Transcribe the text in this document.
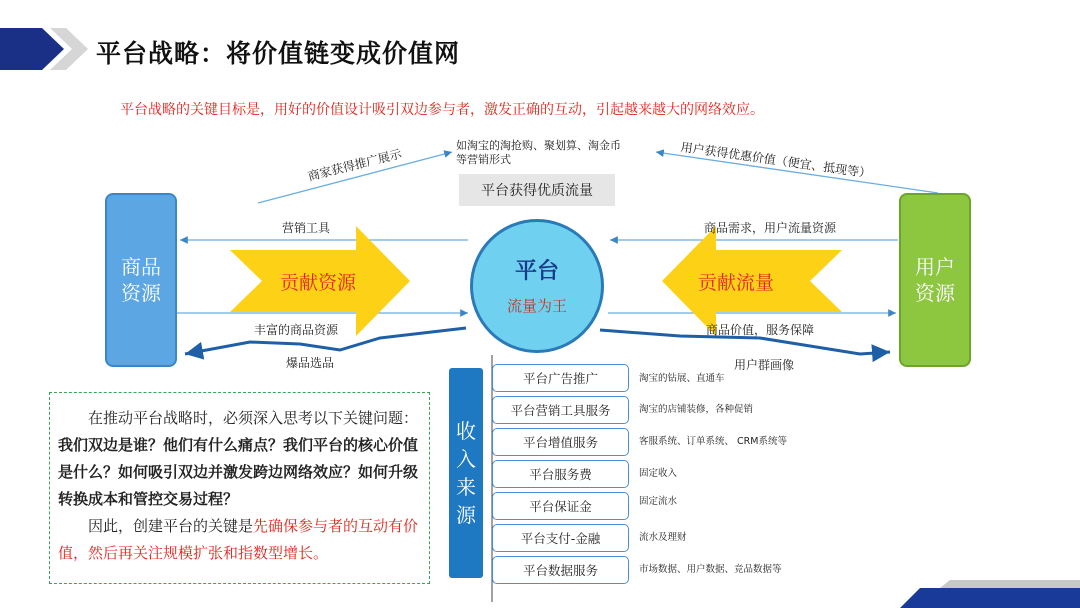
平台战略：将价值链变成价值网
平台战略的关键目标是，用好的价值设计吸引双边参与者，激发正确的互动，引起越来越大的网络效应。
贡献资源	贡献流量
商品
资源
用户
资源
平台
流量为王
平台获得优质流量
如淘宝的淘抢购、聚划算、淘金币
等营销形式
商家获得推广展示	用户获得优惠价值（便宜、抵现等）
营销工具	商品需求，用户流量资源
丰富的商品资源
爆品选品
商品价值，服务保障
用户群画像
收入来源
平台广告推广	淘宝的钻展、直通车
平台营销工具服务	淘宝的店铺装修，各种促销
平台增值服务	客服系统、订单系统、 CRM系统等
平台服务费	固定收入
平台保证金	固定流水
平台支付-金融	流水及理财
平台数据服务	市场数据、用户数据、竞品数据等

在推动平台战略时，必须深入思考以下关键问题：

我们双边是谁？他们有什么痛点？我们平台的核心价值是什么？如何吸引双边并激发跨边网络效应？如何升级转换成本和管控交易过程？

因此，创建平台的关键是先确保参与者的互动有价值，然后再关注规模扩张和指数型增长。
